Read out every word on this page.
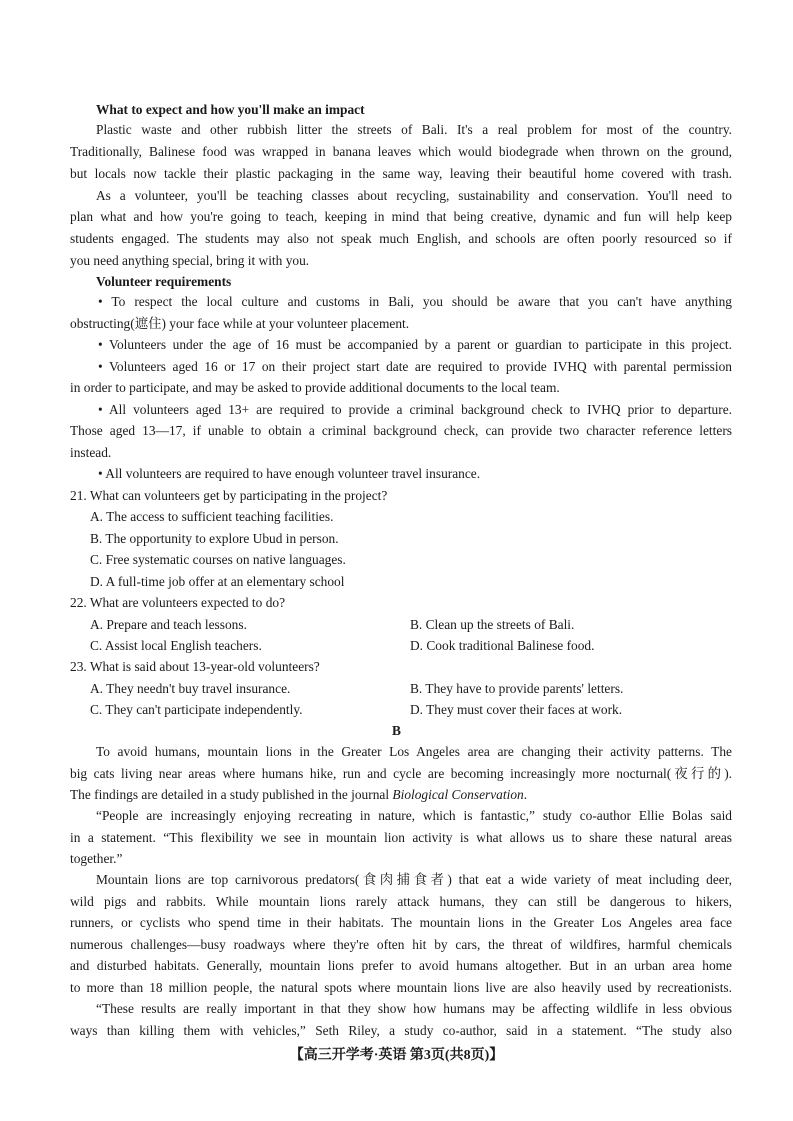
What to expect and how you'll make an impact
Plastic waste and other rubbish litter the streets of Bali. It's a real problem for most of the country.
Traditionally, Balinese food was wrapped in banana leaves which would biodegrade when thrown on the ground,
but locals now tackle their plastic packaging in the same way, leaving their beautiful home covered with trash.
As a volunteer, you'll be teaching classes about recycling, sustainability and conservation. You'll need to
plan what and how you're going to teach, keeping in mind that being creative, dynamic and fun will help keep
students engaged. The students may also not speak much English, and schools are often poorly resourced so if
you need anything special, bring it with you.
Volunteer requirements
• To respect the local culture and customs in Bali, you should be aware that you can't have anything
obstructing(遮住) your face while at your volunteer placement.
• Volunteers under the age of 16 must be accompanied by a parent or guardian to participate in this project.
• Volunteers aged 16 or 17 on their project start date are required to provide IVHQ with parental permission
in order to participate, and may be asked to provide additional documents to the local team.
• All volunteers aged 13+ are required to provide a criminal background check to IVHQ prior to departure.
Those aged 13—17, if unable to obtain a criminal background check, can provide two character reference letters
instead.
• All volunteers are required to have enough volunteer travel insurance.
21. What can volunteers get by participating in the project?
A. The access to sufficient teaching facilities.
B. The opportunity to explore Ubud in person.
C. Free systematic courses on native languages.
D. A full-time job offer at an elementary school
22. What are volunteers expected to do?
A. Prepare and teach lessons.	B. Clean up the streets of Bali.
C. Assist local English teachers.	D. Cook traditional Balinese food.
23. What is said about 13-year-old volunteers?
A. They needn't buy travel insurance.	B. They have to provide parents' letters.
C. They can't participate independently.	D. They must cover their faces at work.
B
To avoid humans, mountain lions in the Greater Los Angeles area are changing their activity patterns. The
big cats living near areas where humans hike, run and cycle are becoming increasingly more nocturnal(夜行的).
The findings are detailed in a study published in the journal Biological Conservation.
“People are increasingly enjoying recreating in nature, which is fantastic,” study co-author Ellie Bolas said
in a statement. “This flexibility we see in mountain lion activity is what allows us to share these natural areas
together.”
Mountain lions are top carnivorous predators(食肉捕食者) that eat a wide variety of meat including deer,
wild pigs and rabbits. While mountain lions rarely attack humans, they can still be dangerous to hikers,
runners, or cyclists who spend time in their habitats. The mountain lions in the Greater Los Angeles area face
numerous challenges—busy roadways where they're often hit by cars, the threat of wildfires, harmful chemicals
and disturbed habitats. Generally, mountain lions prefer to avoid humans altogether. But in an urban area home
to more than 18 million people, the natural spots where mountain lions live are also heavily used by recreationists.
“These results are really important in that they show how humans may be affecting wildlife in less obvious
ways than killing them with vehicles,” Seth Riley, a study co-author, said in a statement. “The study also
【高三开学考·英语 第3页(共8页)】
